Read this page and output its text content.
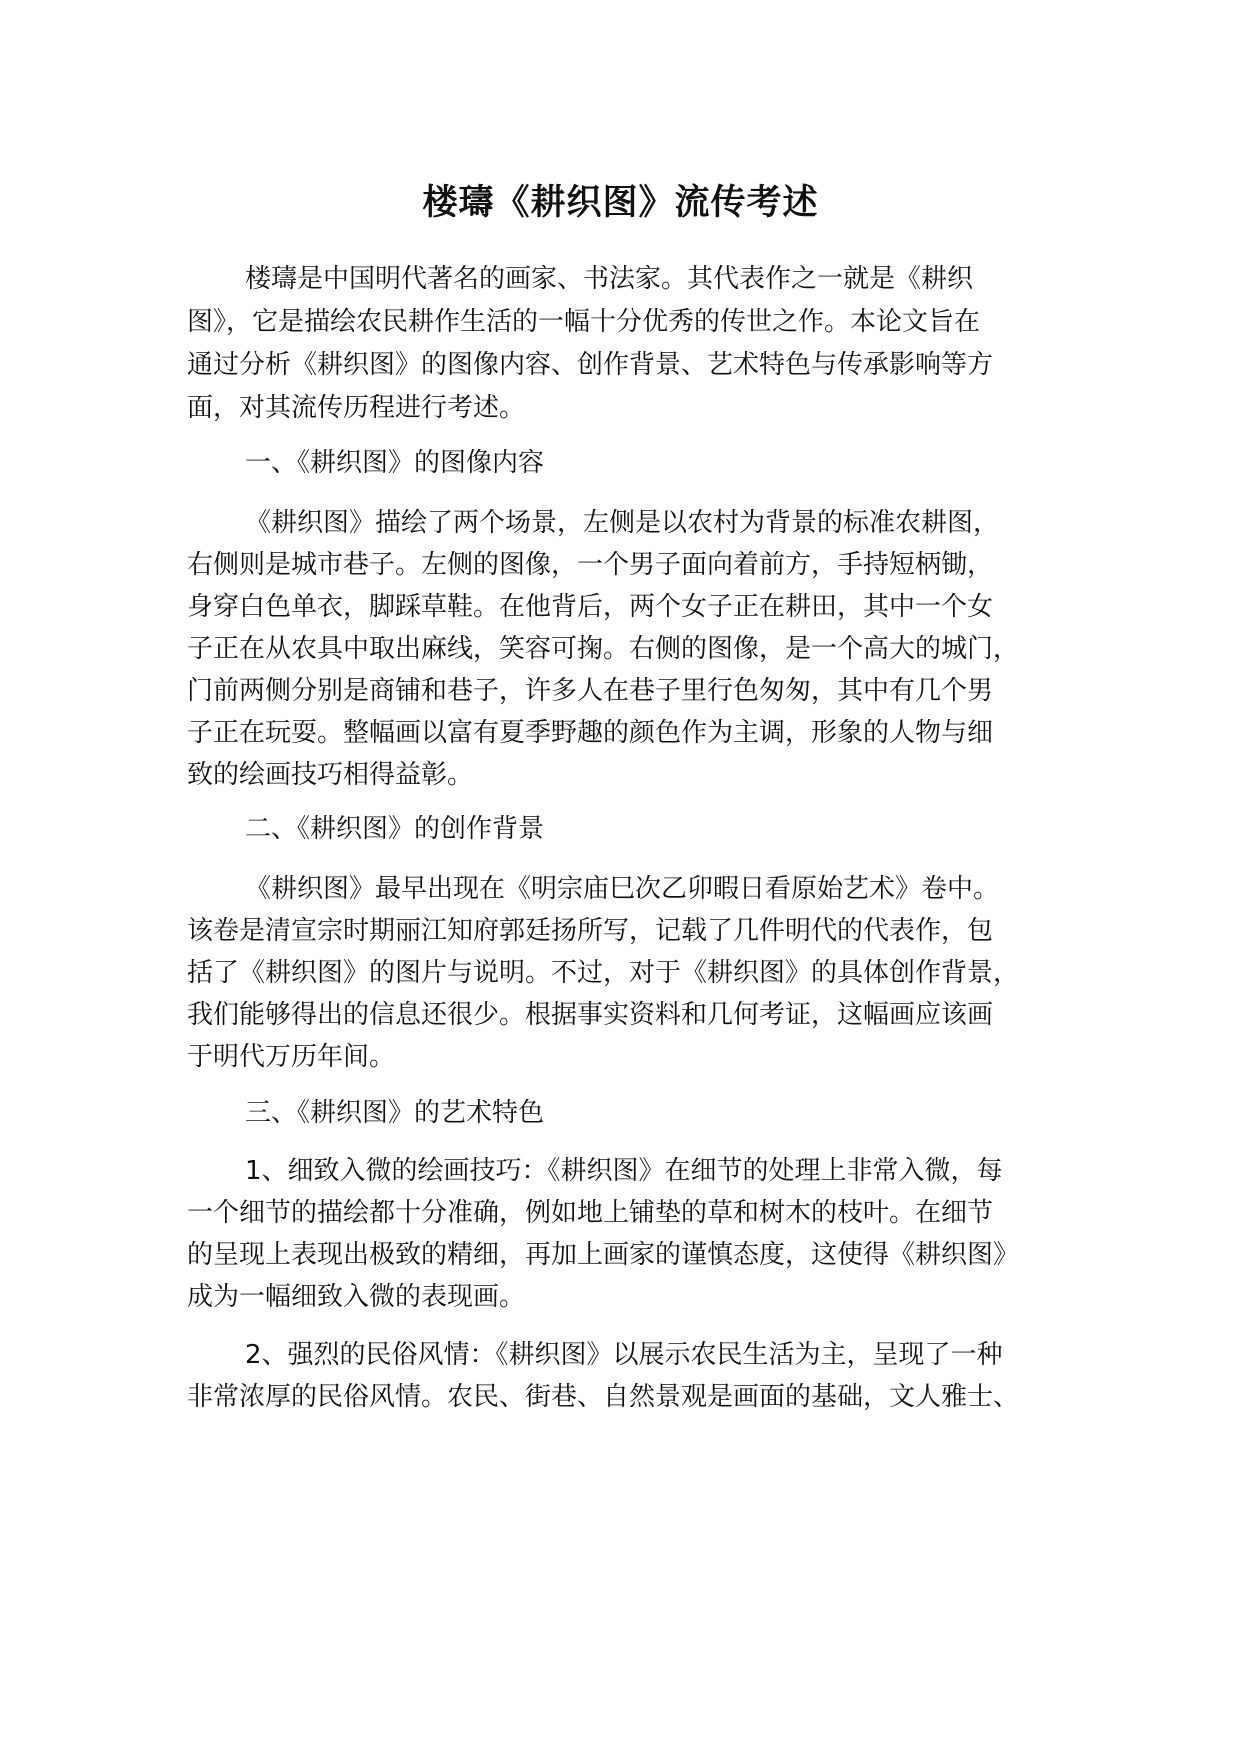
楼璹《耕织图》流传考述

楼璹是中国明代著名的画家、书法家。其代表作之一就是《耕织

图》，它是描绘农民耕作生活的一幅十分优秀的传世之作。本论文旨在

通过分析《耕织图》的图像内容、创作背景、艺术特色与传承影响等方

面，对其流传历程进行考述。

一、《耕织图》的图像内容

《耕织图》描绘了两个场景，左侧是以农村为背景的标准农耕图，

右侧则是城市巷子。左侧的图像，一个男子面向着前方，手持短柄锄，

身穿白色单衣，脚踩草鞋。在他背后，两个女子正在耕田，其中一个女

子正在从农具中取出麻线，笑容可掬。右侧的图像，是一个高大的城门，

门前两侧分别是商铺和巷子，许多人在巷子里行色匆匆，其中有几个男

子正在玩耍。整幅画以富有夏季野趣的颜色作为主调，形象的人物与细

致的绘画技巧相得益彰。

二、《耕织图》的创作背景

《耕织图》最早出现在《明宗庙巳次乙卯暇日看原始艺术》卷中。

该卷是清宣宗时期丽江知府郭廷扬所写，记载了几件明代的代表作，包

括了《耕织图》的图片与说明。不过，对于《耕织图》的具体创作背景，

我们能够得出的信息还很少。根据事实资料和几何考证，这幅画应该画

于明代万历年间。

三、《耕织图》的艺术特色

1、细致入微的绘画技巧：《耕织图》在细节的处理上非常入微，每

一个细节的描绘都十分准确，例如地上铺垫的草和树木的枝叶。在细节

的呈现上表现出极致的精细，再加上画家的谨慎态度，这使得《耕织图》

成为一幅细致入微的表现画。

2、强烈的民俗风情：《耕织图》以展示农民生活为主，呈现了一种

非常浓厚的民俗风情。农民、街巷、自然景观是画面的基础，文人雅士、
